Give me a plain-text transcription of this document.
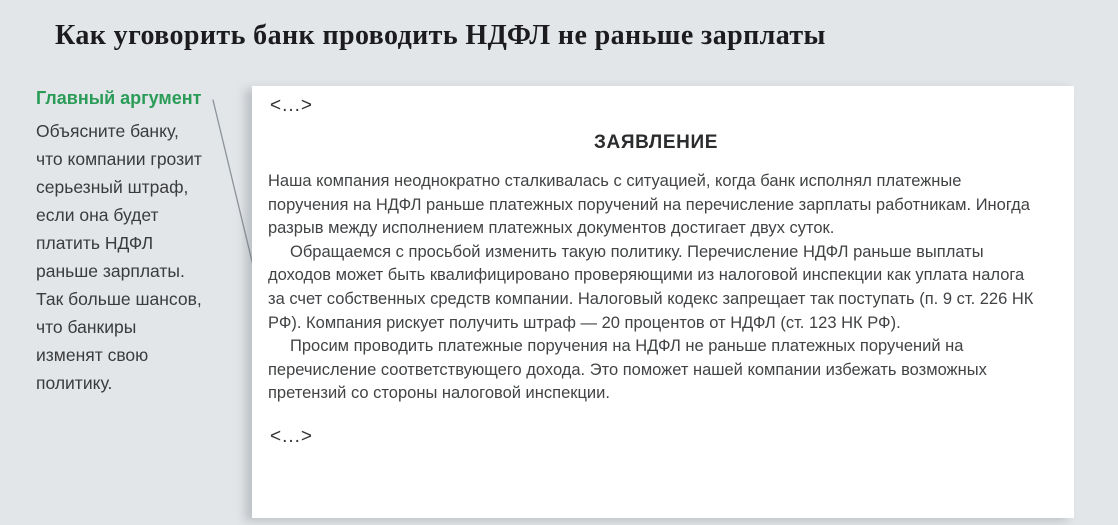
Как уговорить банк проводить НДФЛ не раньше зарплаты
Главный аргумент
Объясните банку, что компании грозит серьезный штраф, если она будет платить НДФЛ раньше зарплаты. Так больше шансов, что банкиры изменят свою политику.
<...>
ЗАЯВЛЕНИЕ

Наша компания неоднократно сталкивалась с ситуацией, когда банк исполнял платежные поручения на НДФЛ раньше платежных поручений на перечисление зарплаты работникам. Иногда разрыв между исполнением платежных документов достигает двух суток.

Обращаемся с просьбой изменить такую политику. Перечисление НДФЛ раньше выплаты доходов может быть квалифицировано проверяющими из налоговой инспекции как уплата налога за счет собственных средств компании. Налоговый кодекс запрещает так поступать (п. 9 ст. 226 НК РФ). Компания рискует получить штраф — 20 процентов от НДФЛ (ст. 123 НК РФ).

Просим проводить платежные поручения на НДФЛ не раньше платежных поручений на перечисление соответствующего дохода. Это поможет нашей компании избежать возможных претензий со стороны налоговой инспекции.

<...>
